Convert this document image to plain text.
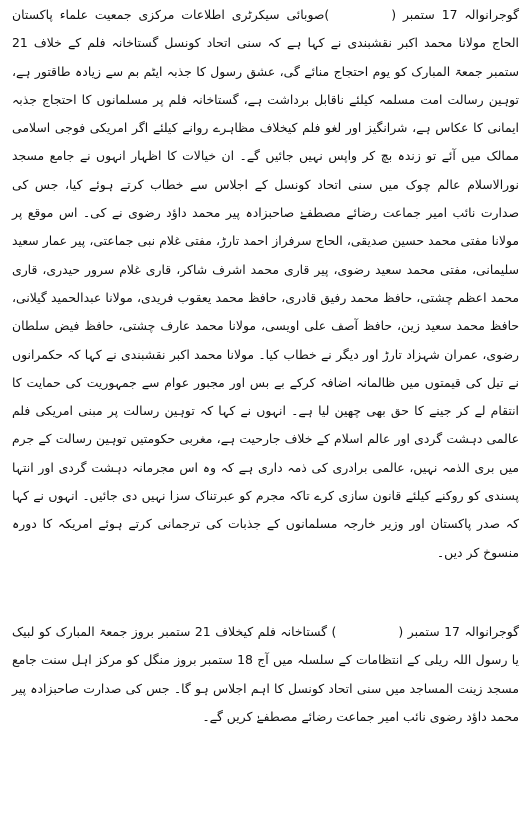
گوجرانوالہ 17 ستمبر ()صوبائی سیکرٹری اطلاعات مرکزی جمعیت علماء پاکستان الحاج مولانا محمد اکبر نقشبندی نے کہا ہے کہ سنی اتحاد کونسل گستاخانہ فلم کے خلاف 21 ستمبر جمعۃ المبارک کو یوم احتجاج منائے گی، عشق رسول کا جذبہ ایٹم بم سے زیادہ طاقتور ہے، توہین رسالت امت مسلمہ کیلئے ناقابل برداشت ہے، گستاخانہ فلم پر مسلمانوں کا احتجاج جذبہ ایمانی کا عکاس ہے، شرانگیز اور لغو فلم کیخلاف مظاہرے روانے کیلئے اگر امریکی فوجی اسلامی ممالک میں آئے تو زندہ بچ کر واپس نہیں جائیں گے۔ ان خیالات کا اظہار انہوں نے جامع مسجد نورالاسلام عالم چوک میں سنی اتحاد کونسل کے اجلاس سے خطاب کرتے ہوئے کیا، جس کی صدارت نائب امیر جماعت رضائے مصطفےٰ صاحبزادہ پیر محمد داؤد رضوی نے کی۔ اس موقع پر مولانا مفتی محمد حسین صدیقی، الحاج سرفراز احمد تارڑ، مفتی غلام نبی جماعتی، پیر عمار سعید سلیمانی، مفتی محمد سعید رضوی، پیر قاری محمد اشرف شاکر، قاری غلام سرور حیدری، قاری محمد اعظم چشتی، حافظ محمد رفیق قادری، حافظ محمد یعقوب فریدی، مولانا عبدالحمید گیلانی، حافظ محمد سعید زین، حافظ آصف علی اویسی، مولانا محمد عارف چشتی، حافظ فیض سلطان رضوی، عمران شہزاد تارڑ اور دیگر نے خطاب کیا۔ مولانا محمد اکبر نقشبندی نے کہا کہ حکمرانوں نے تیل کی قیمتوں میں ظالمانہ اضافہ کرکے بے بس اور مجبور عوام سے جمہوریت کی حمایت کا انتقام لے کر جینے کا حق بھی چھین لیا ہے۔ انہوں نے کہا کہ توہین رسالت پر مبنی امریکی فلم عالمی دہشت گردی اور عالم اسلام کے خلاف جارحیت ہے، مغربی حکومتیں توہین رسالت کے جرم میں بری الذمہ نہیں، عالمی برادری کی ذمہ داری ہے کہ وہ اس مجرمانہ دہشت گردی اور انتہا پسندی کو روکنے کیلئے قانون سازی کرے تاکہ مجرم کو عبرتناک سزا نہیں دی جائیں۔ انہوں نے کہا کہ صدر پاکستان اور وزیر خارجہ مسلمانوں کے جذبات کی ترجمانی کرتے ہوئے امریکہ کا دورہ منسوخ کر دیں۔

گوجرانوالہ 17 ستمبر () گستاخانہ فلم کیخلاف 21 ستمبر بروز جمعۃ المبارک کو لبیک یا رسول اللہ ریلی کے انتظامات کے سلسلہ میں آج 18 ستمبر بروز منگل کو مرکز اہل سنت جامع مسجد زینت المساجد میں سنی اتحاد کونسل کا اہم اجلاس ہو گا۔ جس کی صدارت صاحبزادہ پیر محمد داؤد رضوی نائب امیر جماعت رضائے مصطفےٰ کریں گے۔
